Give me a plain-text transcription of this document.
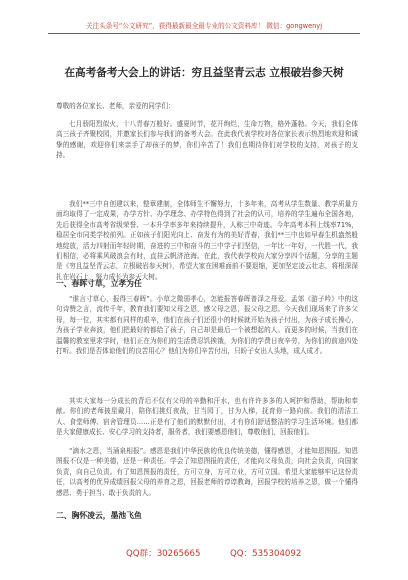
关注头条号“公文研究”，获得最新最全最专业的公文资料库！ 微信：gongwenyj
在高考备考大会上的讲话：穷且益坚青云志 立根破岩参天树

尊敬的各位家长、老师，亲爱的同学们：

七月骄阳烈似火，十八青春万般好。盛夏时节，花开绚烂，生命万物，格外蓬勃。今天，我们全体高三孩子齐聚校园，并邀家长们参与我们的备考大会。在此我代表学校对各位家长表示热烈地欢迎和诚挚的感谢，欢迎你们来亲手了却孩子的梦，你们辛苦了！我们也期待你们对学校的支持，对孩子的支持。

我们**三中自创建以来，整章建制，全体师生不懈努力，十多年来，高考从学生数量、教学质量方面均取得了一定成果，办学方针、办学理念、办学特色得到了社会的认可，培养的学生遍布全国各地，先后获得全市高考省级荣誉、一本升学率多年来持续提升，人称三中奇迹。今年高考本科上线率71%，稳居全市同类学校前列。正如孩子们阳光向上、奋发有为的美好青春，我们**三中也如早春生机盎然般地绽放，活力四射而年轻时期，奋进的三中和奋斗的三中学子们坚信，一年比一年好，一代胜一代，我们相信，必将乘风破浪会有时，直挂云帆济沧海。在此，我代表学校向大家分享四个话题，分享的主题是《穷且益坚青云志，立根破岩参天树》，希望大家在困难面前不要退缩，更加坚定凌云壮志，将根深深扎在岩石上，努力成长为参天大树。

一、春晖寸草，立孝为任

“谁言寸草心，报得三春晖”。小草之微弱孝心，怎能报答春晖普泽之母爱。孟郊《游子吟》中的这句诗赞之言，流传千年，教育我们要知父母之恩，感父母之恩，报父母之恩。今天我们现场来了许多父母，每一位，其实都有同样的艰辛，他们在孩子们还很小的时候就开始为孩子付出，为孩子成长操心，为孩子学业奔波，他们把最好的都给了孩子，自己却是最后一个被想起的人。而更多的时候，当我们在温馨的教室里求学时，他们正在为你们的生活费忍饥挨饿，为你们的学费日夜辛劳，为你们的前途四处打听。我们是否体谅他们的良苦用心？他们为你们辛苦付出，只盼子女出人头地，成人成才。

其实大家每一分成长的背后不仅有父母的辛勤和汗水，也有许许多多的人呵护和帮助，帮助和奉献。你们的老师披星戴月，陪你们挑灯夜战，甘当园丁，甘为人梯，抚育你一路向前。我们的清洁工人、食堂师傅、宿舍管理员……正是有了他们的默默付出，才有你们舒适整洁的学习生活环境。他们都是大家健康成长、安心学习的支持者，服务者，我们要感恩他们，尊敬他们，回报他们。

“滴水之恩，当涌泉相报”。感恩是我们中华民族的优良传统美德，懂得感恩，才能知恩图报。知恩图报不仅是一种美德，还是一种责任。学会了知恩图报的责任，才能向父母负责，向社会负责，向国家负责，向自己负责。有了知恩图报的责任，方可立身，方可立业，方可立国。希望大家能够牢记这份责任，以高考的优异成绩回报父母的养育之恩，回报老师的谆谆教诲，回报学校的培养之恩，做一个懂得感恩、勇于担当、敢于负责的人。

二、胸怀凌云，墨池飞鱼
QQ群：30265665	QQ：535304092
